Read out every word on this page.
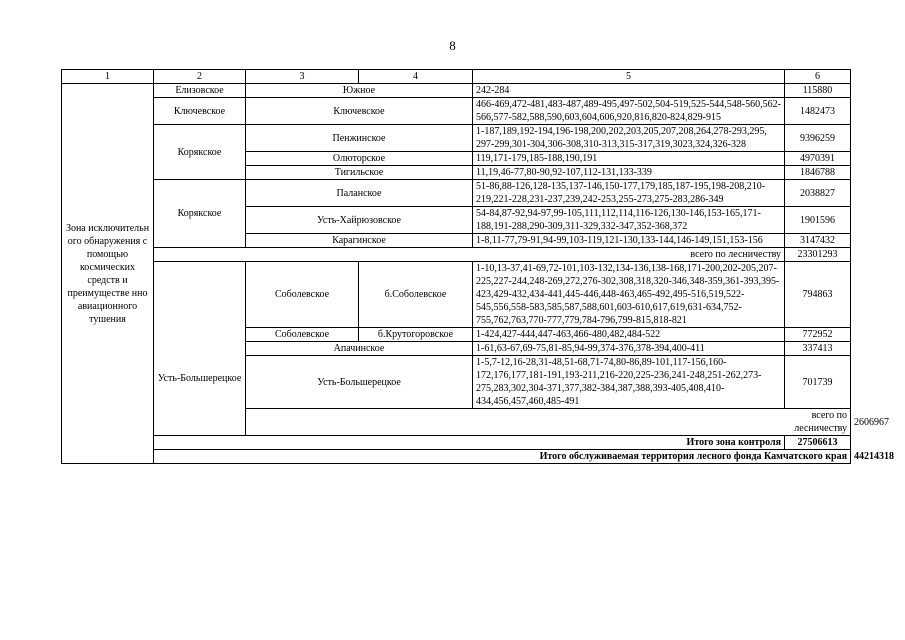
8
1	2	3	4	5	6	
Зона исключительн ого обнаружения с помощью космических средств и преимуществе нно авиационного тушения	Елизовское	Южное		242-284	115880	
	Ключевское	Ключевское		466-469,472-481,483-487,489-495,497-502,504-519,525-544,548-560,562-566,577-582,588,590,603,604,606,920,816,820-824,829-915	1482473	
	Корякское	Пенжинское		1-187,189,192-194,196-198,200,202,203,205,207,208,264,278-293,295, 297-299,301-304,306-308,310-313,315-317,319,3023,324,326-328	9396259	
		Олюторское		119,171-179,185-188,190,191	4970391	
		Тигильское		11,19,46-77,80-90,92-107,112-131,133-339	1846788	
	Корякское	Паланское		51-86,88-126,128-135,137-146,150-177,179,185,187-195,198-208,210-219,221-228,231-237,239,242-253,255-273,275-283,286-349	2038827	
		Усть-Хайрюзовское		54-84,87-92,94-97,99-105,111,112,114,116-126,130-146,153-165,171-188,191-288,290-309,311-329,332-347,352-368,372	1901596	
		Карагинское		1-8,11-77,79-91,94-99,103-119,121-130,133-144,146-149,151,153-156	3147432	
		всего по лесничеству			23301293	
	Усть-Большерецкое	Соболевское	б.Соболевское	1-10,13-37,41-69,72-101,103-132,134-136,138-168,171-200,202-205,207-225,227-244,248-269,272,276-302,308,318,320-346,348-359,361-393,395-423,429-432,434-441,445-446,448-463,465-492,495-516,519,522-545,556,558-583,585,587,588,601,603-610,617,619,631-634,752-755,762,763,770-777,779,784-796,799-815,818-821	794863	
		Соболевское	б.Крутогоровское	1-424,427-444,447-463,466-480,482,484-522	772952	
		Апачинское		1-61,63-67,69-75,81-85,94-99,374-376,378-394,400-411	337413	
		Усть-Большерецкое		1-5,7-12,16-28,31-48,51-68,71-74,80-86,89-101,117-156,160-172,176,177,181-191,193-211,216-220,225-236,241-248,251-262,273-275,283,302,304-371,377,382-384,387,388,393-405,408,410-434,456,457,460,485-491	701739	
					всего по лесничеству	2606967
	Итого зона контроля				27506613	
	Итого обслуживаемая территория лесного фонда Камчатского края					44214318
